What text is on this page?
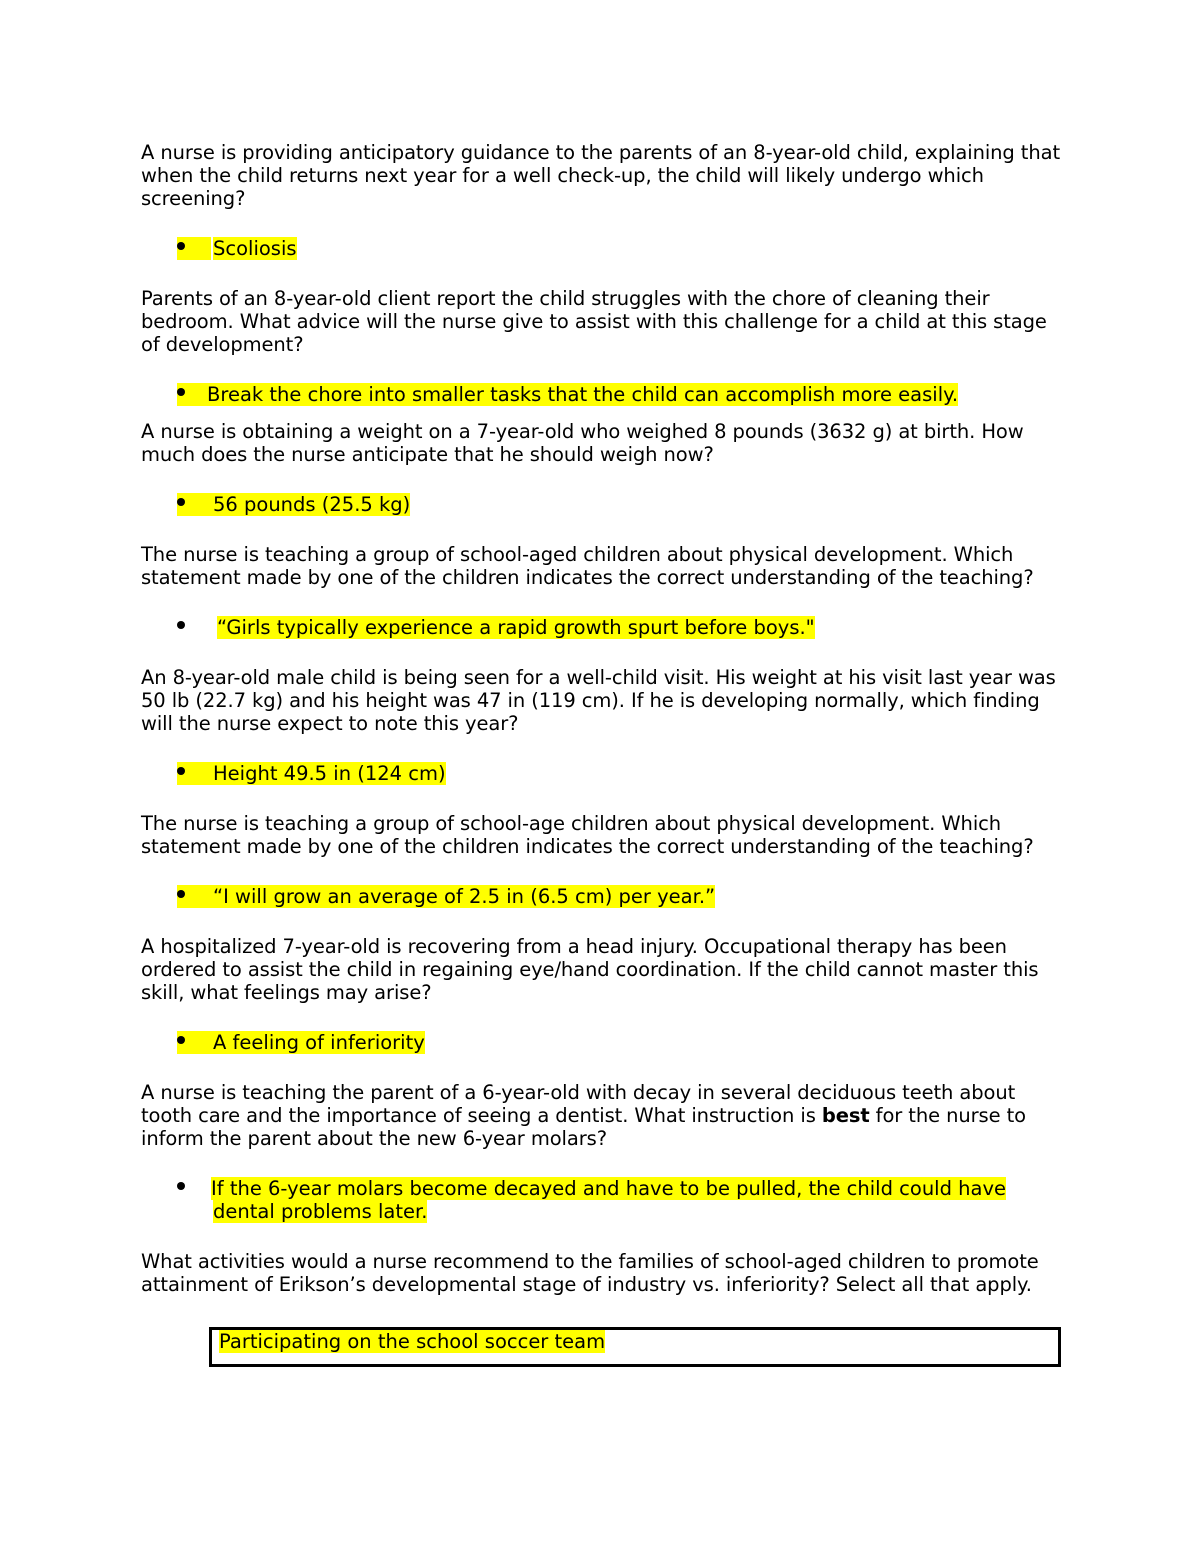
A nurse is providing anticipatory guidance to the parents of an 8-year-old child, explaining that when the child returns next year for a well check-up, the child will likely undergo which screening?

Scoliosis

Parents of an 8-year-old client report the child struggles with the chore of cleaning their bedroom. What advice will the nurse give to assist with this challenge for a child at this stage of development?

Break the chore into smaller tasks that the child can accomplish more easily.

A nurse is obtaining a weight on a 7-year-old who weighed 8 pounds (3632 g) at birth. How much does the nurse anticipate that he should weigh now?

56 pounds (25.5 kg)

The nurse is teaching a group of school-aged children about physical development. Which statement made by one of the children indicates the correct understanding of the teaching?

“Girls typically experience a rapid growth spurt before boys."

An 8-year-old male child is being seen for a well-child visit. His weight at his visit last year was 50 lb (22.7 kg) and his height was 47 in (119 cm). If he is developing normally, which finding will the nurse expect to note this year?

Height 49.5 in (124 cm)

The nurse is teaching a group of school-age children about physical development. Which statement made by one of the children indicates the correct understanding of the teaching?

“I will grow an average of 2.5 in (6.5 cm) per year.”

A hospitalized 7-year-old is recovering from a head injury. Occupational therapy has been ordered to assist the child in regaining eye/hand coordination. If the child cannot master this skill, what feelings may arise?

A feeling of inferiority

A nurse is teaching the parent of a 6-year-old with decay in several deciduous teeth about tooth care and the importance of seeing a dentist. What instruction is best for the nurse to inform the parent about the new 6-year molars?

If the 6-year molars become decayed and have to be pulled, the child could have dental problems later.

What activities would a nurse recommend to the families of school-aged children to promote attainment of Erikson’s developmental stage of industry vs. inferiority? Select all that apply.

Participating on the school soccer team
